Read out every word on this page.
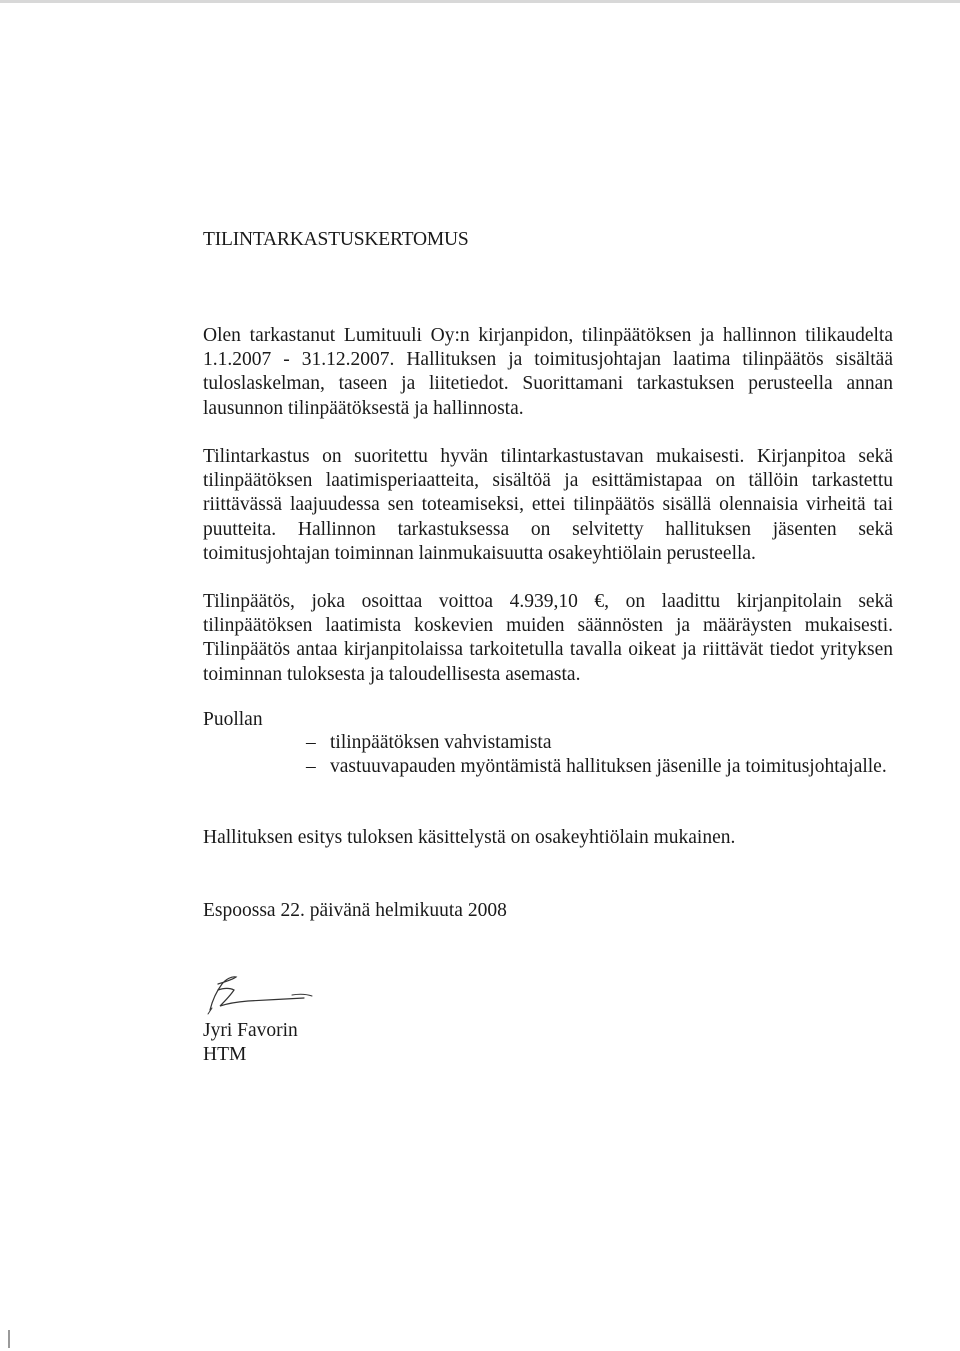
TILINTARKASTUSKERTOMUS

Olen tarkastanut Lumituuli Oy:n kirjanpidon, tilinpäätöksen ja hallinnon tilikaudelta 1.1.2007 - 31.12.2007. Hallituksen ja toimitusjohtajan laatima tilinpäätös sisältää tuloslaskelman, taseen ja liitetiedot. Suorittamani tarkastuksen perusteella annan lausunnon tilinpäätöksestä ja hallinnosta.

Tilintarkastus on suoritettu hyvän tilintarkastustavan mukaisesti. Kirjanpitoa sekä tilinpäätöksen laatimisperiaatteita, sisältöä ja esittämistapaa on tällöin tarkastettu riittävässä laajuudessa sen toteamiseksi, ettei tilinpäätös sisällä olennaisia virheitä tai puutteita. Hallinnon tarkastuksessa on selvitetty hallituksen jäsenten sekä toimitusjohtajan toiminnan lainmukaisuutta osakeyhtiölain perusteella.

Tilinpäätös, joka osoittaa voittoa 4.939,10 €, on laadittu kirjanpitolain sekä tilinpäätöksen laatimista koskevien muiden säännösten ja määräysten mukaisesti. Tilinpäätös antaa kirjanpitolaissa tarkoitetulla tavalla oikeat ja riittävät tiedot yrityksen toiminnan tuloksesta ja taloudellisesta asemasta.

Puollan

– tilinpäätöksen vahvistamista
– vastuuvapauden myöntämistä hallituksen jäsenille ja toimitusjohtajalle.

Hallituksen esitys tuloksen käsittelystä on osakeyhtiölain mukainen.

Espoossa 22. päivänä helmikuuta 2008

Jyri Favorin

HTM
